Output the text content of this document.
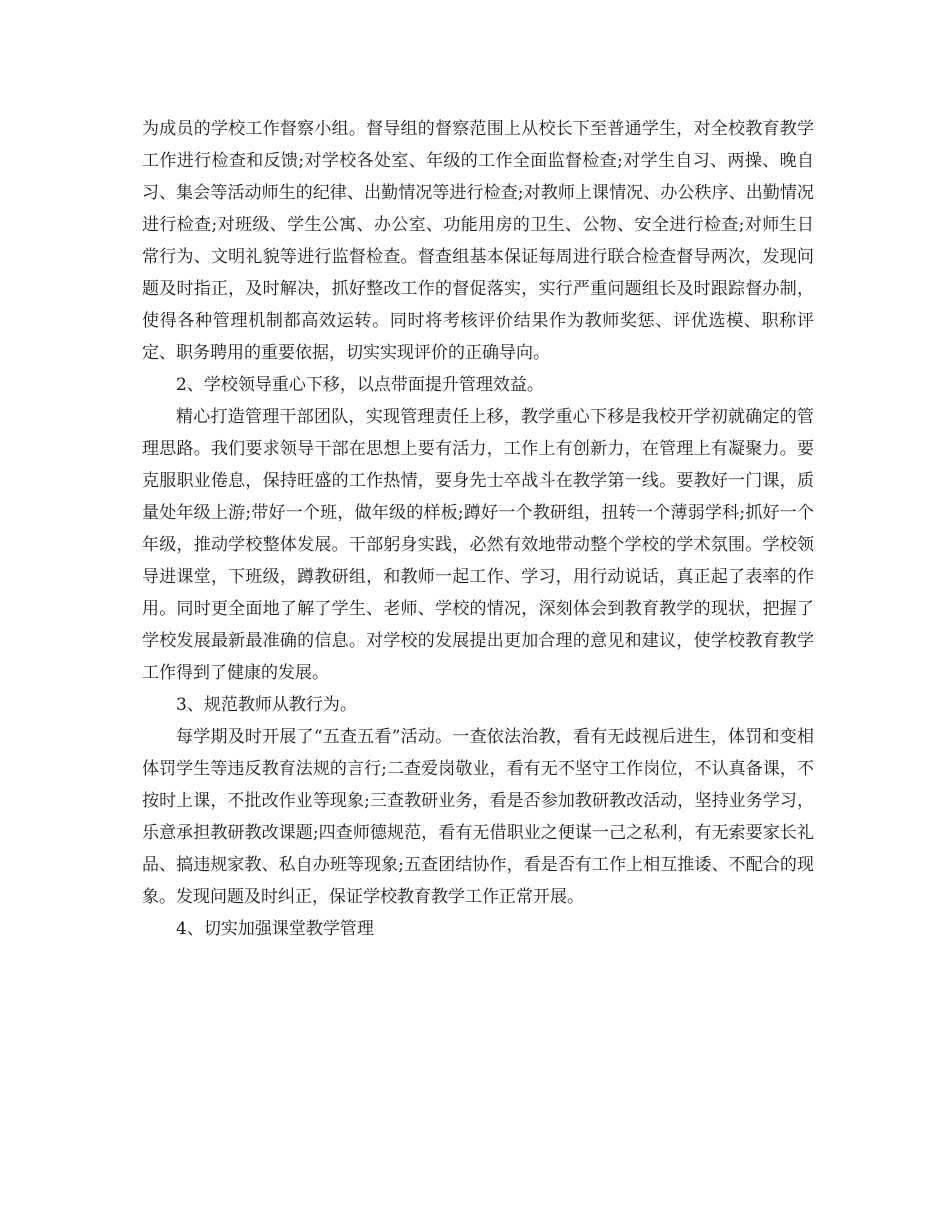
为成员的学校工作督察小组。督导组的督察范围上从校长下至普通学生，对全校教育教学工作进行检查和反馈;对学校各处室、年级的工作全面监督检查;对学生自习、两操、晚自习、集会等活动师生的纪律、出勤情况等进行检查;对教师上课情况、办公秩序、出勤情况进行检查;对班级、学生公寓、办公室、功能用房的卫生、公物、安全进行检查;对师生日常行为、文明礼貌等进行监督检查。督查组基本保证每周进行联合检查督导两次，发现问题及时指正，及时解决，抓好整改工作的督促落实，实行严重问题组长及时跟踪督办制，使得各种管理机制都高效运转。同时将考核评价结果作为教师奖惩、评优选模、职称评定、职务聘用的重要依据，切实实现评价的正确导向。

2、学校领导重心下移，以点带面提升管理效益。

精心打造管理干部团队，实现管理责任上移，教学重心下移是我校开学初就确定的管理思路。我们要求领导干部在思想上要有活力，工作上有创新力，在管理上有凝聚力。要克服职业倦息，保持旺盛的工作热情，要身先士卒战斗在教学第一线。要教好一门课，质量处年级上游;带好一个班，做年级的样板;蹲好一个教研组，扭转一个薄弱学科;抓好一个年级，推动学校整体发展。干部躬身实践，必然有效地带动整个学校的学术氛围。学校领导进课堂，下班级，蹲教研组，和教师一起工作、学习，用行动说话，真正起了表率的作用。同时更全面地了解了学生、老师、学校的情况，深刻体会到教育教学的现状，把握了学校发展最新最准确的信息。对学校的发展提出更加合理的意见和建议，使学校教育教学工作得到了健康的发展。

3、规范教师从教行为。

每学期及时开展了“五查五看”活动。一查依法治教，看有无歧视后进生，体罚和变相体罚学生等违反教育法规的言行;二查爱岗敬业，看有无不坚守工作岗位，不认真备课，不按时上课，不批改作业等现象;三查教研业务，看是否参加教研教改活动，坚持业务学习，乐意承担教研教改课题;四查师德规范，看有无借职业之便谋一己之私利，有无索要家长礼品、搞违规家教、私自办班等现象;五查团结协作，看是否有工作上相互推诿、不配合的现象。发现问题及时纠正，保证学校教育教学工作正常开展。

4、切实加强课堂教学管理
